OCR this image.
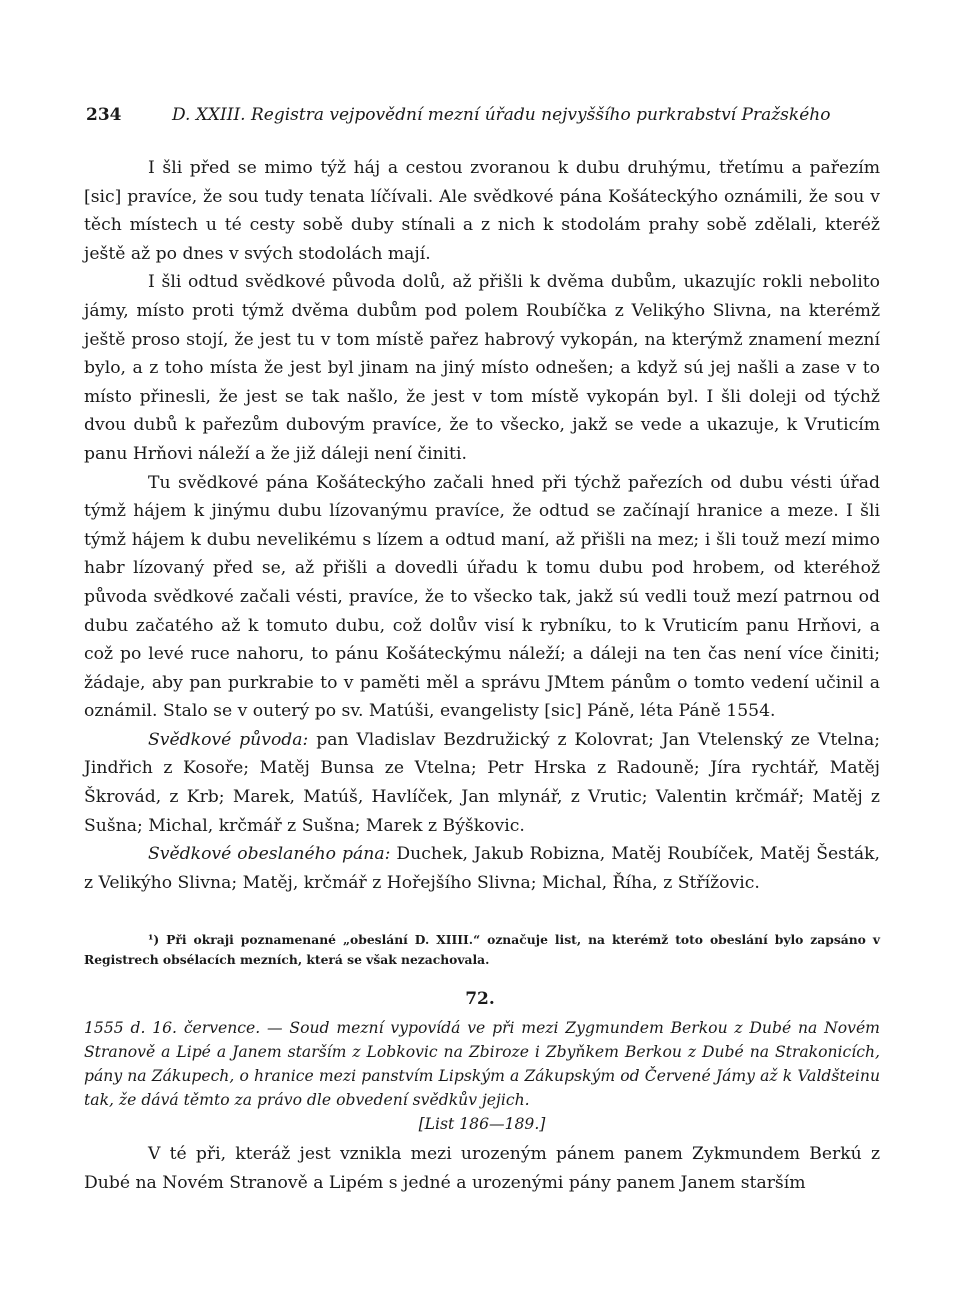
234	D. XXIII. Registra vejpovědní mezní úřadu nejvyššího purkrabství Pražského

I šli před se mimo týž háj a cestou zvoranou k dubu druhýmu, třetímu a pařezím [sic] pravíce, že sou tudy tenata líčívali. Ale svědkové pána Košáteckýho oznámili, že sou v těch místech u té cesty sobě duby stínali a z nich k stodolám prahy sobě zdělali, kteréž ještě až po dnes v svých stodolách mají.

I šli odtud svědkové původa dolů, až přišli k dvěma dubům, ukazujíc rokli nebolito jámy, místo proti týmž dvěma dubům pod polem Roubíčka z Velikýho Slivna, na kterémž ještě proso stojí, že jest tu v tom místě pařez habrový vykopán, na kterýmž znamení mezní bylo, a z toho místa že jest byl jinam na jiný místo odnešen; a když sú jej našli a zase v to místo přinesli, že jest se tak našlo, že jest v tom místě vykopán byl. I šli doleji od týchž dvou dubů k pařezům dubovým pravíce, že to všecko, jakž se vede a ukazuje, k Vruticím panu Hrňovi náleží a že již dáleji není činiti.

Tu svědkové pána Košáteckýho začali hned při týchž pařezích od dubu vésti úřad týmž hájem k jinýmu dubu lízovanýmu pravíce, že odtud se začínají hranice a meze. I šli týmž hájem k dubu nevelikému s lízem a odtud maní, až přišli na mez; i šli touž mezí mimo habr lízovaný před se, až přišli a dovedli úřadu k tomu dubu pod hrobem, od kteréhož původa svědkové začali vésti, pravíce, že to všecko tak, jakž sú vedli touž mezí patrnou od dubu začatého až k tomuto dubu, což dolův visí k rybníku, to k Vruticím panu Hrňovi, a což po levé ruce nahoru, to pánu Košáteckýmu náleží; a dáleji na ten čas není více činiti; žádaje, aby pan purkrabie to v paměti měl a správu JMtem pánům o tomto vedení učinil a oznámil. Stalo se v outerý po sv. Matúši, evangelisty [sic] Páně, léta Páně 1554.

Svědkové původa: pan Vladislav Bezdružický z Kolovrat; Jan Vtelenský ze Vtelna; Jindřich z Kosoře; Matěj Bunsa ze Vtelna; Petr Hrska z Radouně; Jíra rychtář, Matěj Škrovád, z Krb; Marek, Matúš, Havlíček, Jan mlynář, z Vrutic; Valentin krčmář; Matěj z Sušna; Michal, krčmář z Sušna; Marek z Býškovic.

Svědkové obeslaného pána: Duchek, Jakub Robizna, Matěj Roubíček, Matěj Šesták, z Velikýho Slivna; Matěj, krčmář z Hořejšího Slivna; Michal, Říha, z Střížovic.

¹) Při okraji poznamenané „obeslání D. XIIII.“ označuje list, na kterémž toto obeslání bylo zapsáno v Registrech obsélacích mezních, která se však nezachovala.

72.

1555 d. 16. července. — Soud mezní vypovídá ve při mezi Zygmundem Berkou z Dubé na Novém Stranově a Lipé a Janem starším z Lobkovic na Zbiroze i Zbyňkem Berkou z Dubé na Strakonicích, pány na Zákupech, o hranice mezi panstvím Lipským a Zákupským od Červené Jámy až k Valdšteinu tak, že dává těmto za právo dle obvedení svědkův jejich.

[List 186—189.]

V té při, kteráž jest vznikla mezi urozeným pánem panem Zykmundem Berkú z Dubé na Novém Stranově a Lipém s jedné a urozenými pány panem Janem starším
